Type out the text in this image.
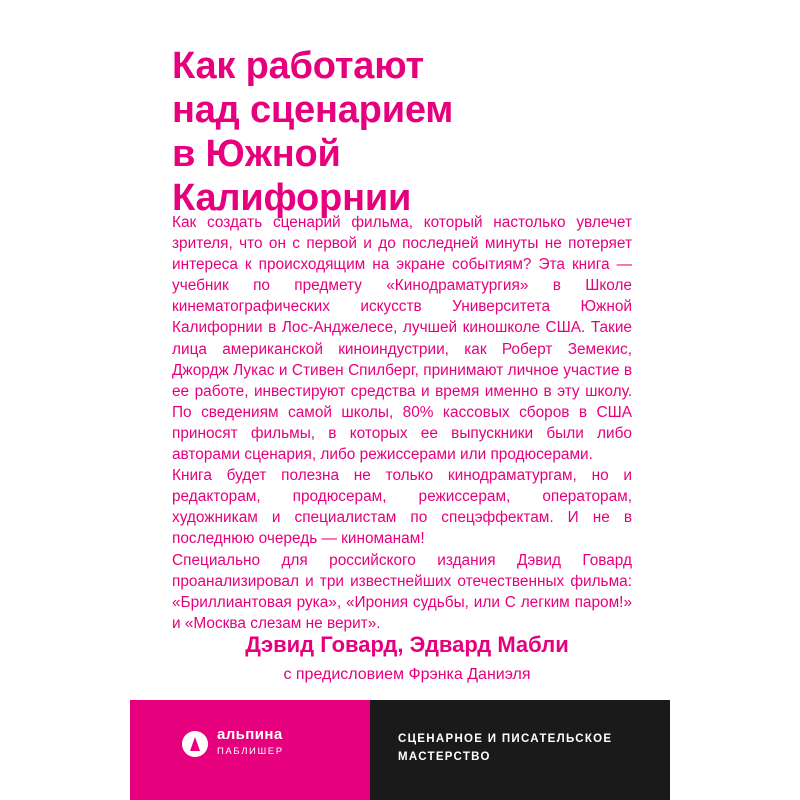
Как работают
над сценарием
в Южной
Калифорнии

Как создать сценарий фильма, который настолько увлечет зрителя, что он с первой и до последней минуты не потеряет интереса к происходящим на экране событиям? Эта книга — учебник по предмету «Кинодраматургия» в Школе кинематографических искусств Университета Южной Калифорнии в Лос-Анджелесе, лучшей киношколе США. Такие лица американской киноиндустрии, как Роберт Земекис, Джордж Лукас и Стивен Спилберг, принимают личное участие в ее работе, инвестируют средства и время именно в эту школу. По сведениям самой школы, 80% кассовых сборов в США приносят фильмы, в которых ее выпускники были либо авторами сценария, либо режиссерами или продюсерами.

Книга будет полезна не только кинодраматургам, но и редакторам, продюсерам, режиссерам, операторам, художникам и специалистам по спецэффектам. И не в последнюю очередь — киноманам!

Специально для российского издания Дэвид Говард проанализировал и три известнейших отечественных фильма: «Бриллиантовая рука», «Ирония судьбы, или С легким паром!» и «Москва слезам не верит».

Дэвид Говард, Эдвард Мабли
с предисловием Фрэнка Даниэля
альпина
ПАБЛИШЕР
СЦЕНАРНОЕ И ПИСАТЕЛЬСКОЕ
МАСТЕРСТВО
